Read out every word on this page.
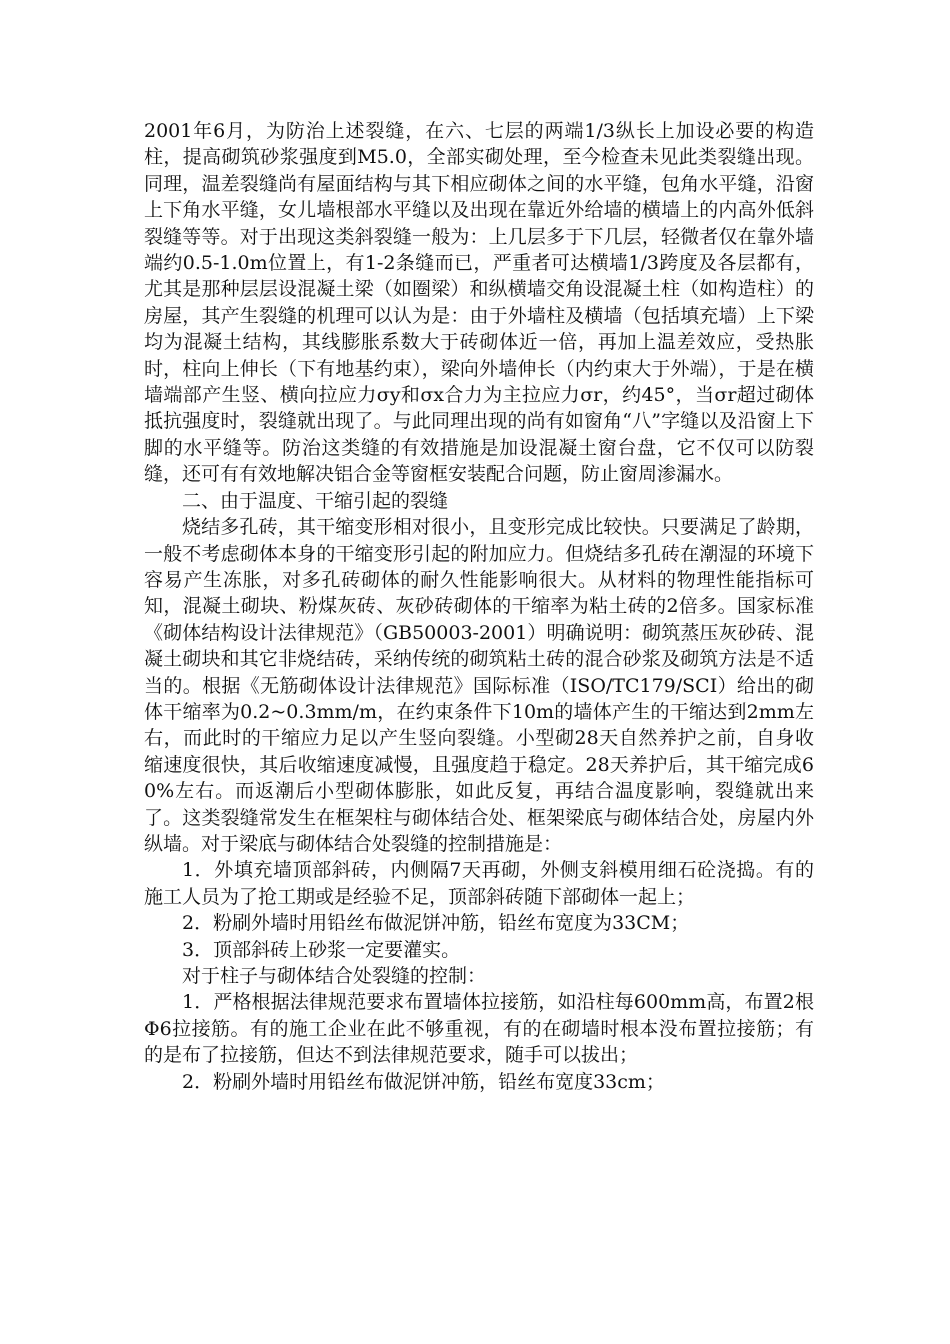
2001年6月，为防治上述裂缝，在六、七层的两端1/3纵长上加设必要的构造柱，提高砌筑砂浆强度到M5.0，全部实砌处理，至今检查未见此类裂缝出现。同理，温差裂缝尚有屋面结构与其下相应砌体之间的水平缝，包角水平缝，沿窗上下角水平缝，女儿墙根部水平缝以及出现在靠近外给墙的横墙上的内高外低斜裂缝等等。对于出现这类斜裂缝一般为：上几层多于下几层，轻微者仅在靠外墙端约0.5-1.0m位置上，有1-2条缝而已，严重者可达横墙1/3跨度及各层都有，尤其是那种层层设混凝土梁（如圈梁）和纵横墙交角设混凝土柱（如构造柱）的房屋，其产生裂缝的机理可以认为是：由于外墙柱及横墙（包括填充墙）上下梁均为混凝土结构，其线膨胀系数大于砖砌体近一倍，再加上温差效应，受热胀时，柱向上伸长（下有地基约束），梁向外墙伸长（内约束大于外端），于是在横墙端部产生竖、横向拉应力σy和σx合力为主拉应力σr，约45°，当σr超过砌体抵抗强度时，裂缝就出现了。与此同理出现的尚有如窗角“八”字缝以及沿窗上下脚的水平缝等。防治这类缝的有效措施是加设混凝土窗台盘，它不仅可以防裂缝，还可有有效地解决铝合金等窗框安装配合问题，防止窗周渗漏水。

二、由于温度、干缩引起的裂缝

烧结多孔砖，其干缩变形相对很小，且变形完成比较快。只要满足了龄期，一般不考虑砌体本身的干缩变形引起的附加应力。但烧结多孔砖在潮湿的环境下容易产生冻胀，对多孔砖砌体的耐久性能影响很大。从材料的物理性能指标可知，混凝土砌块、粉煤灰砖、灰砂砖砌体的干缩率为粘土砖的2倍多。国家标准《砌体结构设计法律规范》（GB50003-2001）明确说明：砌筑蒸压灰砂砖、混凝土砌块和其它非烧结砖，采纳传统的砌筑粘土砖的混合砂浆及砌筑方法是不适当的。根据《无筋砌体设计法律规范》国际标准（ISO/TC179/SCI）给出的砌体干缩率为0.2~0.3mm/m，在约束条件下10m的墙体产生的干缩达到2mm左右，而此时的干缩应力足以产生竖向裂缝。小型砌28天自然养护之前，自身收缩速度很快，其后收缩速度减慢，且强度趋于稳定。28天养护后，其干缩完成60%左右。而返潮后小型砌体膨胀，如此反复，再结合温度影响，裂缝就出来了。这类裂缝常发生在框架柱与砌体结合处、框架梁底与砌体结合处，房屋内外纵墙。对于梁底与砌体结合处裂缝的控制措施是：

1．外填充墙顶部斜砖，内侧隔7天再砌，外侧支斜模用细石砼浇捣。有的施工人员为了抢工期或是经验不足，顶部斜砖随下部砌体一起上；

2．粉刷外墙时用铅丝布做泥饼冲筋，铅丝布宽度为33CM；

3．顶部斜砖上砂浆一定要灌实。

对于柱子与砌体结合处裂缝的控制：

1．严格根据法律规范要求布置墙体拉接筋，如沿柱每600mm高，布置2根Φ6拉接筋。有的施工企业在此不够重视，有的在砌墙时根本没布置拉接筋；有的是布了拉接筋，但达不到法律规范要求，随手可以拔出；

2．粉刷外墙时用铅丝布做泥饼冲筋，铅丝布宽度33cm；
